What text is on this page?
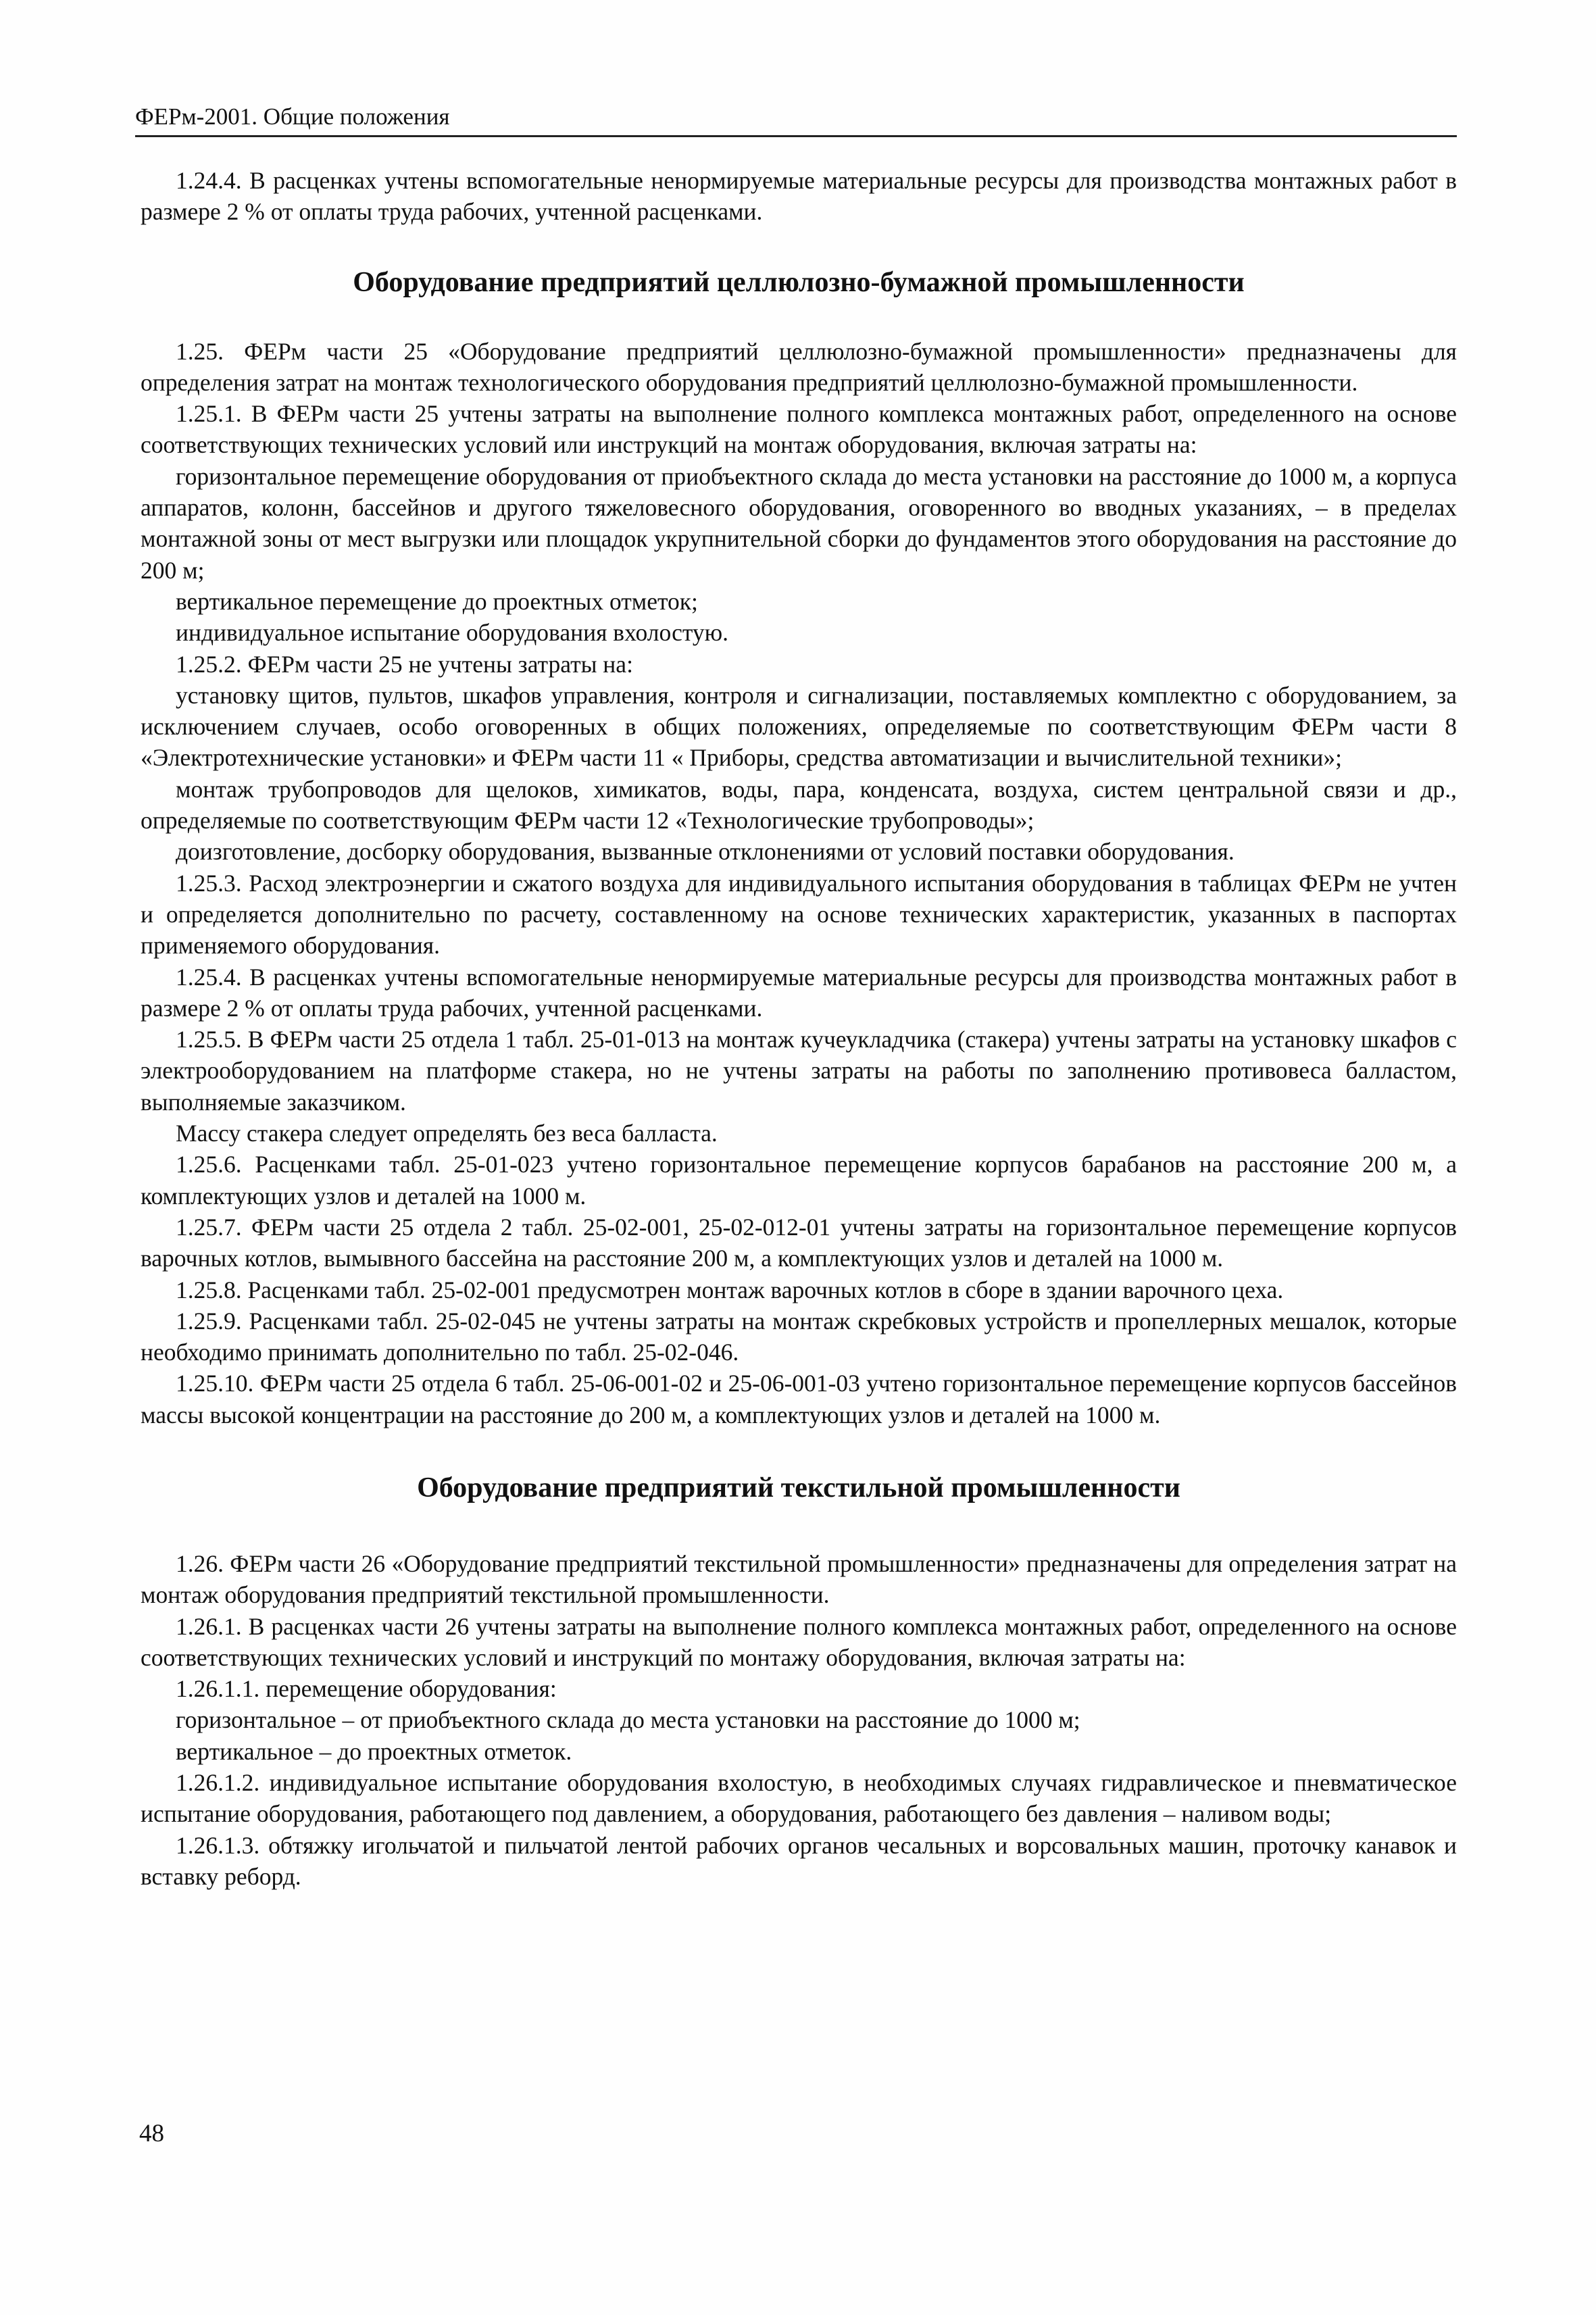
ФЕРм-2001. Общие положения

1.24.4. В расценках учтены вспомогательные ненормируемые материальные ресурсы для производства монтажных работ в размере 2 % от оплаты труда рабочих, учтенной расценками.

Оборудование предприятий целлюлозно-бумажной промышленности

1.25. ФЕРм части 25 «Оборудование предприятий целлюлозно-бумажной промышленности» предназначены для определения затрат на монтаж технологического оборудования предприятий целлюлозно-бумажной промышленности.

1.25.1. В ФЕРм части 25 учтены затраты на выполнение полного комплекса монтажных работ, определенного на основе соответствующих технических условий или инструкций на монтаж оборудования, включая затраты на:

горизонтальное перемещение оборудования от приобъектного склада до места установки на расстояние до 1000 м, а корпуса аппаратов, колонн, бассейнов и другого тяжеловесного оборудования, оговоренного во вводных указаниях, – в пределах монтажной зоны от мест выгрузки или площадок укрупнительной сборки до фундаментов этого оборудования на расстояние до 200 м;

вертикальное перемещение до проектных отметок;

индивидуальное испытание оборудования вхолостую.

1.25.2. ФЕРм части 25 не учтены затраты на:

установку щитов, пультов, шкафов управления, контроля и сигнализации, поставляемых комплектно с оборудованием, за исключением случаев, особо оговоренных в общих положениях, определяемые по соответствующим ФЕРм части 8 «Электротехнические установки» и ФЕРм части 11 « Приборы, средства автоматизации и вычислительной техники»;

монтаж трубопроводов для щелоков, химикатов, воды, пара, конденсата, воздуха, систем центральной связи и др., определяемые по соответствующим ФЕРм части 12 «Технологические трубопроводы»;

доизготовление, досборку оборудования, вызванные отклонениями от условий поставки оборудования.

1.25.3. Расход электроэнергии и сжатого воздуха для индивидуального испытания оборудования в таблицах ФЕРм не учтен и определяется дополнительно по расчету, составленному на основе технических характеристик, указанных в паспортах применяемого оборудования.

1.25.4. В расценках учтены вспомогательные ненормируемые материальные ресурсы для производства монтажных работ в размере 2 % от оплаты труда рабочих, учтенной расценками.

1.25.5. В ФЕРм части 25 отдела 1 табл. 25-01-013 на монтаж кучеукладчика (стакера) учтены затраты на установку шкафов с электрооборудованием на платформе стакера, но не учтены затраты на работы по заполнению противовеса балластом, выполняемые заказчиком.

Массу стакера следует определять без веса балласта.

1.25.6. Расценками табл. 25-01-023 учтено горизонтальное перемещение корпусов барабанов на расстояние 200 м, а комплектующих узлов и деталей на 1000 м.

1.25.7. ФЕРм части 25 отдела 2 табл. 25-02-001, 25-02-012-01 учтены затраты на горизонтальное перемещение корпусов варочных котлов, вымывного бассейна на расстояние 200 м, а комплектующих узлов и деталей на 1000 м.

1.25.8. Расценками табл. 25-02-001 предусмотрен монтаж варочных котлов в сборе в здании варочного цеха.

1.25.9. Расценками табл. 25-02-045 не учтены затраты на монтаж скребковых устройств и пропеллерных мешалок, которые необходимо принимать дополнительно по табл. 25-02-046.

1.25.10. ФЕРм части 25 отдела 6 табл. 25-06-001-02 и 25-06-001-03 учтено горизонтальное перемещение корпусов бассейнов массы высокой концентрации на расстояние до 200 м, а комплектующих узлов и деталей на 1000 м.

Оборудование предприятий текстильной промышленности

1.26. ФЕРм части 26 «Оборудование предприятий текстильной промышленности» предназначены для определения затрат на монтаж оборудования предприятий текстильной промышленности.

1.26.1. В расценках части 26 учтены затраты на выполнение полного комплекса монтажных работ, определенного на основе соответствующих технических условий и инструкций по монтажу оборудования, включая затраты на:

1.26.1.1. перемещение оборудования:

горизонтальное – от приобъектного склада до места установки на расстояние до 1000 м;

вертикальное – до проектных отметок.

1.26.1.2. индивидуальное испытание оборудования вхолостую, в необходимых случаях гидравлическое и пневматическое испытание оборудования, работающего под давлением, а оборудования, работающего без давления – наливом воды;

1.26.1.3. обтяжку игольчатой и пильчатой лентой рабочих органов чесальных и ворсовальных машин, проточку канавок и вставку реборд.

48
